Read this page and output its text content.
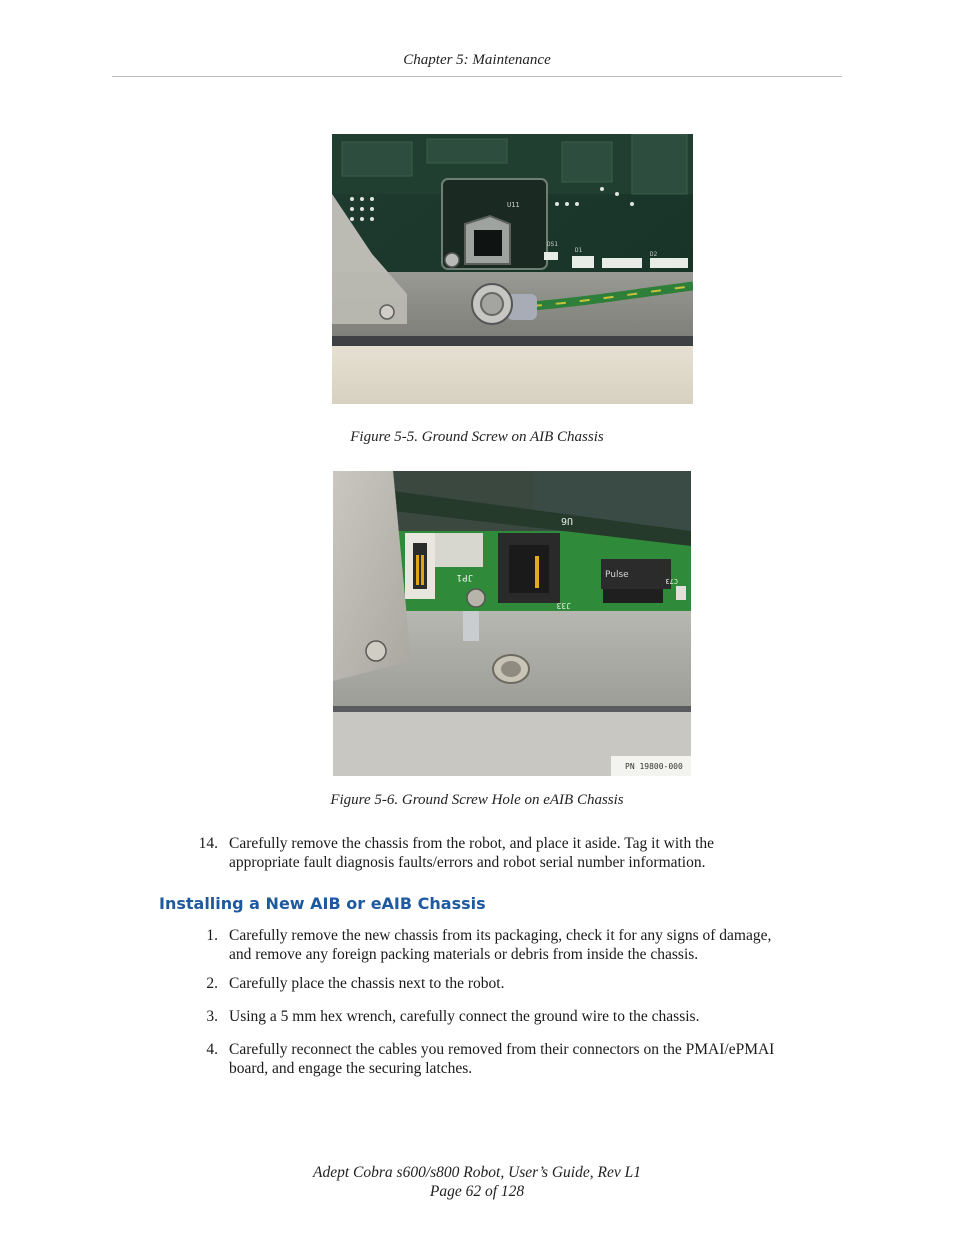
Chapter 5: Maintenance
U11
DS1
D1
D2
Figure 5-5. Ground Screw on AIB Chassis
U6
JP1
J33
Pulse
C73
PN 19800-000
Figure 5-6. Ground Screw Hole on eAIB Chassis
14. Carefully remove the chassis from the robot, and place it aside. Tag it with the
appropriate fault diagnosis faults/errors and robot serial number information.
Installing a New AIB or eAIB Chassis
1. Carefully remove the new chassis from its packaging, check it for any signs of damage,
and remove any foreign packing materials or debris from inside the chassis.
2. Carefully place the chassis next to the robot.
3. Using a 5 mm hex wrench, carefully connect the ground wire to the chassis.
4. Carefully reconnect the cables you removed from their connectors on the PMAI/ePMAI
board, and engage the securing latches.
Adept Cobra s600/s800 Robot, User’s Guide, Rev L1
Page 62 of 128
